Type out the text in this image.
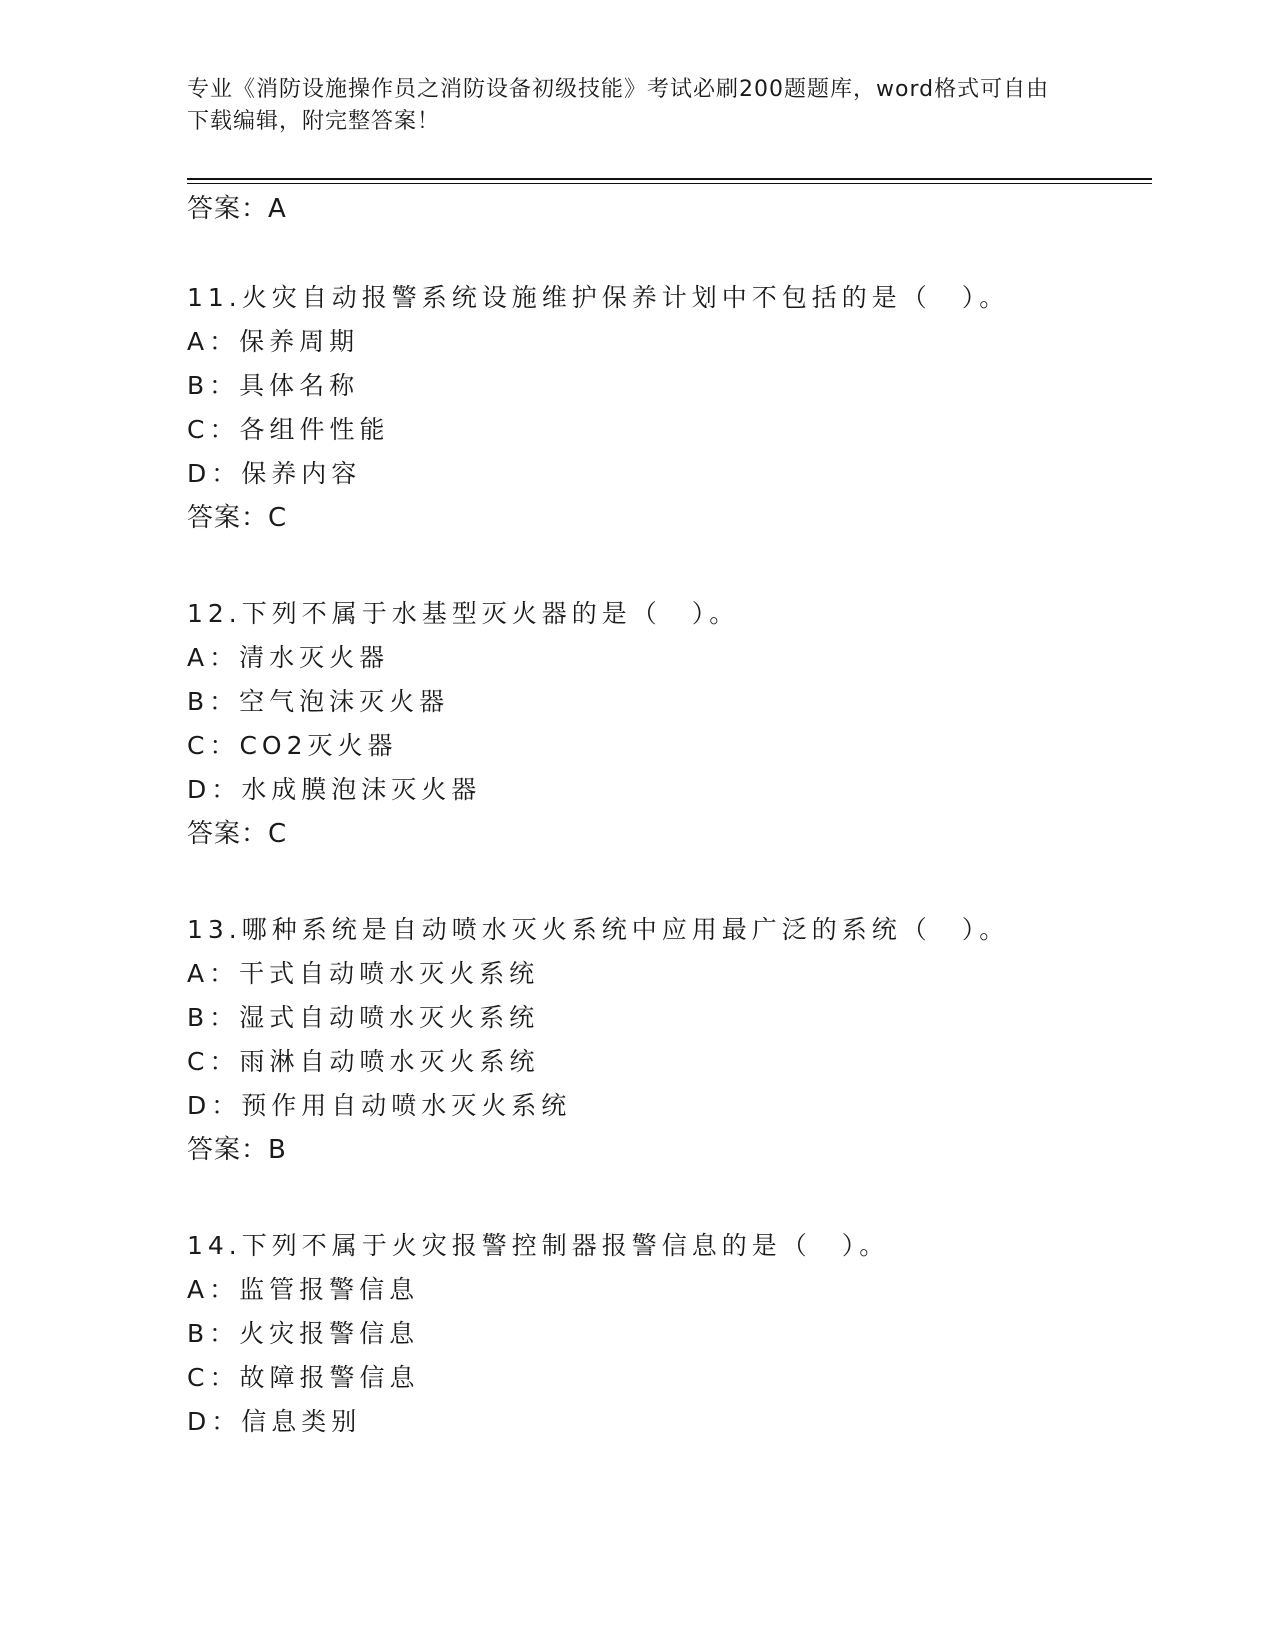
专业《消防设施操作员之消防设备初级技能》考试必刷200题题库，word格式可自由下载编辑，附完整答案！
答案：A
11.火灾自动报警系统设施维护保养计划中不包括的是（　）。
A：保养周期
B：具体名称
C：各组件性能
D：保养内容
答案：C
12.下列不属于水基型灭火器的是（　）。
A：清水灭火器
B：空气泡沫灭火器
C：CO2灭火器
D：水成膜泡沫灭火器
答案：C
13.哪种系统是自动喷水灭火系统中应用最广泛的系统（　）。
A：干式自动喷水灭火系统
B：湿式自动喷水灭火系统
C：雨淋自动喷水灭火系统
D：预作用自动喷水灭火系统
答案：B
14.下列不属于火灾报警控制器报警信息的是（　）。
A：监管报警信息
B：火灾报警信息
C：故障报警信息
D：信息类别
